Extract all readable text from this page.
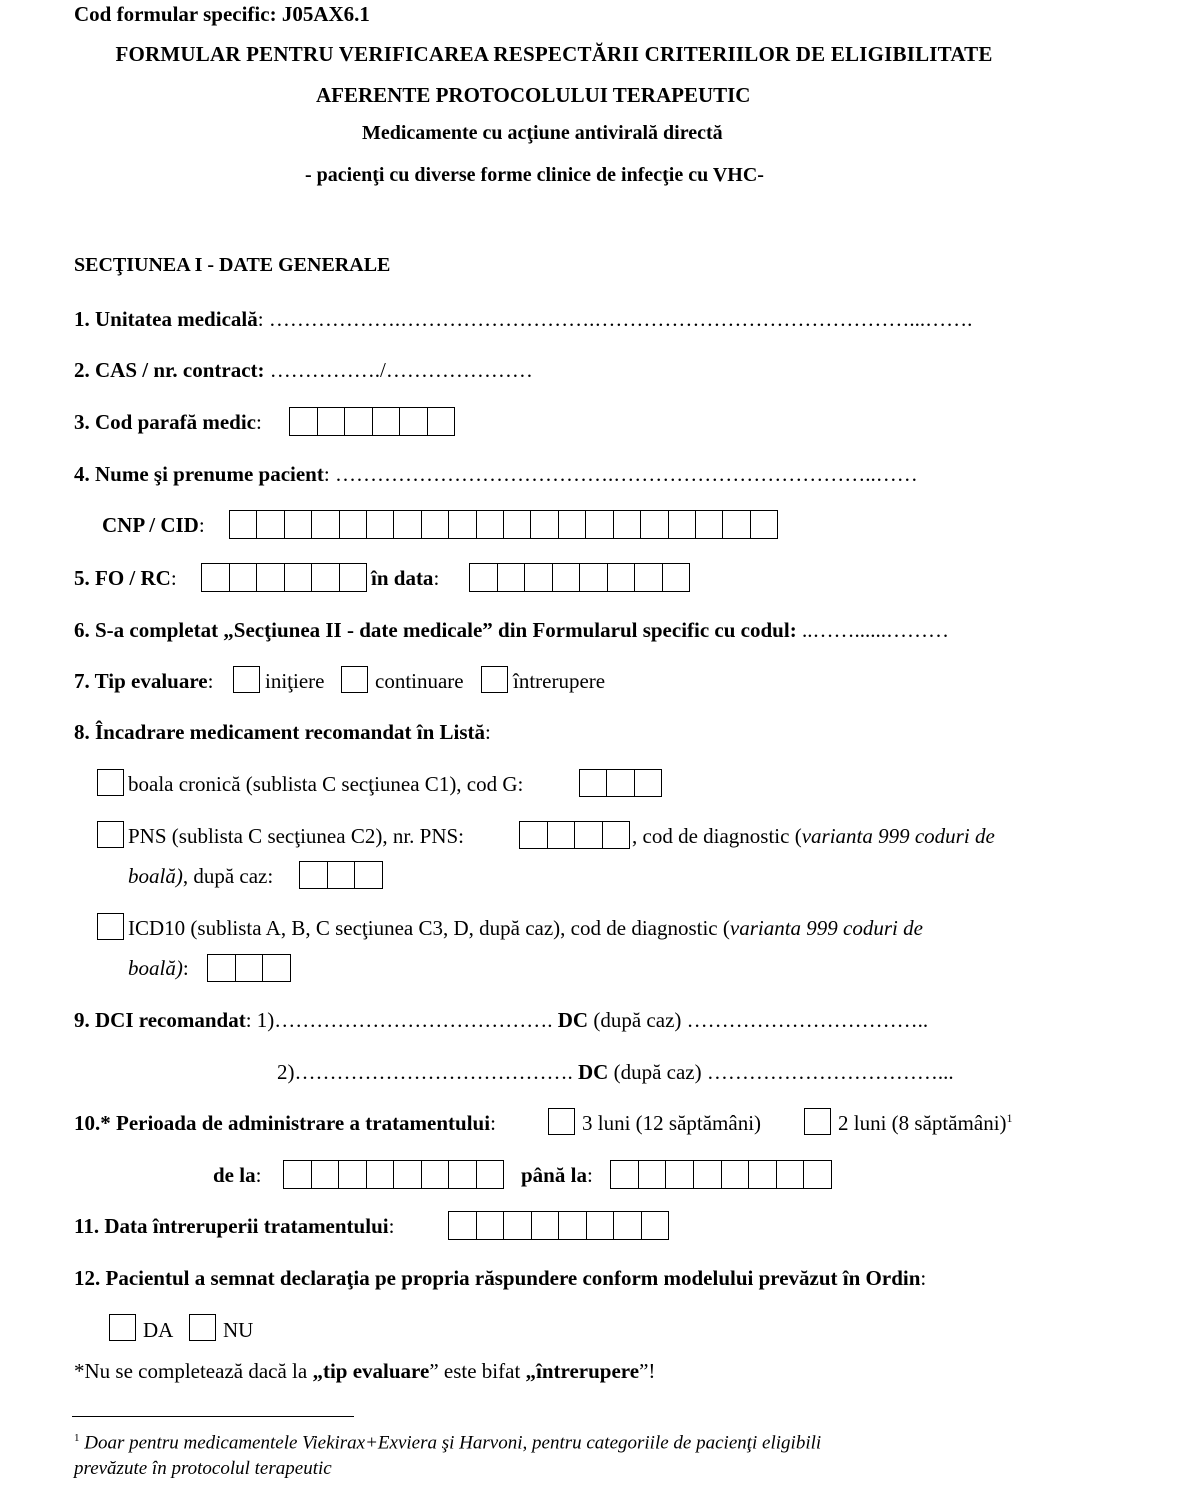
Cod formular specific: J05AX6.1
FORMULAR PENTRU VERIFICAREA RESPECTĂRII CRITERIILOR DE ELIGIBILITATE
AFERENTE PROTOCOLULUI TERAPEUTIC
Medicamente cu acţiune antivirală directă
- pacienţi cu diverse forme clinice de infecţie cu VHC-
SECŢIUNEA I - DATE GENERALE
1. Unitatea medicală: ……………….……………………….………………………………………...…….
2. CAS / nr. contract: ……………./…………………
3. Cod parafă medic:
4. Nume şi prenume pacient: ………………………………….………………………………..……
CNP / CID:
5. FO / RC:	în data:
6. S-a completat „Secţiunea II - date medicale” din Formularul specific cu codul: ..……......………
7. Tip evaluare: iniţiere continuare întrerupere
8. Încadrare medicament recomandat în Listă:
boala cronică (sublista C secţiunea C1), cod G:
PNS (sublista C secţiunea C2), nr. PNS:	, cod de diagnostic (varianta 999 coduri de
boală), după caz:
ICD10 (sublista A, B, C secţiunea C3, D, după caz), cod de diagnostic (varianta 999 coduri de
boală):
9. DCI recomandat: 1)…………………………………. DC (după caz) ……………………………..
2)…………………………………. DC (după caz) ……………………………...
10.* Perioada de administrare a tratamentului:	3 luni (12 săptămâni)	2 luni (8 săptămâni)$^1$
de la:	până la:
11. Data întreruperii tratamentului:
12. Pacientul a semnat declaraţia pe propria răspundere conform modelului prevăzut în Ordin:
DA NU
*Nu se completează dacă la „tip evaluare” este bifat „întrerupere”!
$^1$ Doar pentru medicamentele Viekirax+Exviera şi Harvoni, pentru categoriile de pacienţi eligibili
prevăzute în protocolul terapeutic
